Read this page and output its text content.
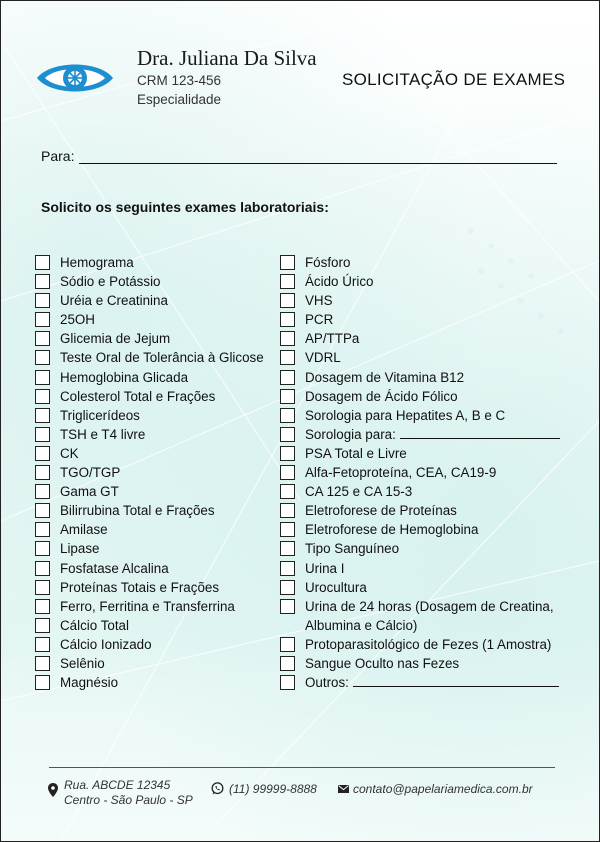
Dra. Juliana Da Silva
CRM 123-456
Especialidade
SOLICITAÇÃO DE EXAMES
Para:
Solicito os seguintes exames laboratoriais:
Hemograma
Sódio e Potássio
Uréia e Creatinina
25OH
Glicemia de Jejum
Teste Oral de Tolerância à Glicose
Hemoglobina Glicada
Colesterol Total e Frações
Triglicerídeos
TSH e T4 livre
CK
TGO/TGP
Gama GT
Bilirrubina Total e Frações
Amilase
Lipase
Fosfatase Alcalina
Proteínas Totais e Frações
Ferro, Ferritina e Transferrina
Cálcio Total
Cálcio Ionizado
Selênio
Magnésio
Fósforo
Ácido Úrico
VHS
PCR
AP/TTPa
VDRL
Dosagem de Vitamina B12
Dosagem de Ácido Fólico
Sorologia para Hepatites A, B e C
Sorologia para:
PSA Total e Livre
Alfa-Fetoproteína, CEA, CA19-9
CA 125 e CA 15-3
Eletroforese de Proteínas
Eletroforese de Hemoglobina
Tipo Sanguíneo
Urina I
Urocultura
Urina de 24 horas (Dosagem de Creatina, Albumina e Cálcio)
Protoparasitológico de Fezes (1 Amostra)
Sangue Oculto nas Fezes
Outros:
Rua. ABCDE 12345
Centro - São Paulo - SP
(11) 99999-8888	contato@papelariamedica.com.br
